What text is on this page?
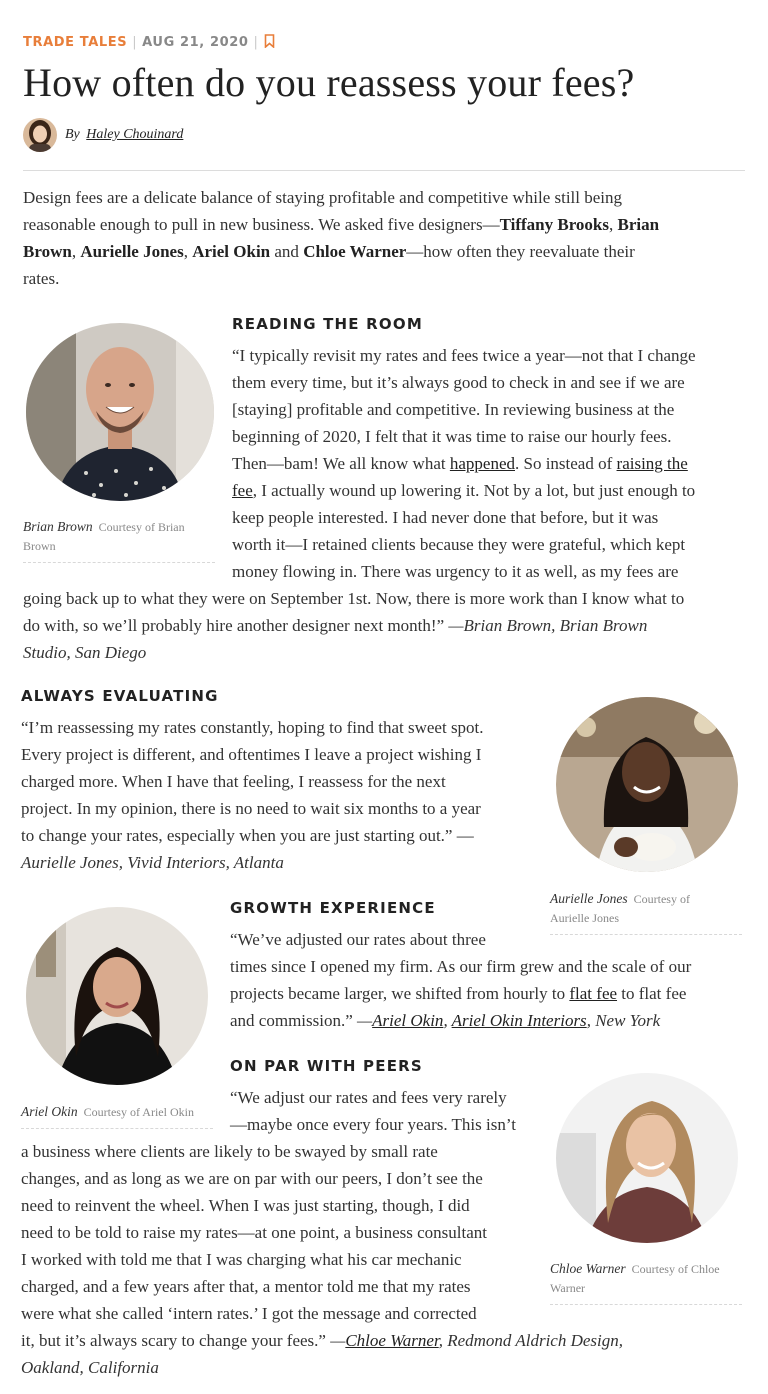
TRADE TALES | AUG 21, 2020 |
How often do you reassess your fees?
By Haley Chouinard
Design fees are a delicate balance of staying profitable and competitive while still being
reasonable enough to pull in new business. We asked five designers—Tiffany Brooks, Brian
Brown, Aurielle Jones, Ariel Okin and Chloe Warner—how often they reevaluate their
rates.
Brian Brown Courtesy of Brian
Brown
READING THE ROOM
“I typically revisit my rates and fees twice a year—not that I change
them every time, but it’s always good to check in and see if we are
[staying] profitable and competitive. In reviewing business at the
beginning of 2020, I felt that it was time to raise our hourly fees.
Then—bam! We all know what happened. So instead of raising the
fee, I actually wound up lowering it. Not by a lot, but just enough to
keep people interested. I had never done that before, but it was
worth it—I retained clients because they were grateful, which kept
money flowing in. There was urgency to it as well, as my fees are
going back up to what they were on September 1st. Now, there is more work than I know what to
do with, so we’ll probably hire another designer next month!” —Brian Brown, Brian Brown
Studio, San Diego
ALWAYS EVALUATING
“I’m reassessing my rates constantly, hoping to find that sweet spot.
Every project is different, and oftentimes I leave a project wishing I
charged more. When I have that feeling, I reassess for the next
project. In my opinion, there is no need to wait six months to a year
to change your rates, especially when you are just starting out.” —
Aurielle Jones, Vivid Interiors, Atlanta
Aurielle Jones Courtesy of
Aurielle Jones
Ariel Okin Courtesy of Ariel Okin
GROWTH EXPERIENCE
“We’ve adjusted our rates about three
times since I opened my firm. As our firm grew and the scale of our
projects became larger, we shifted from hourly to flat fee to flat fee
and commission.” —Ariel Okin, Ariel Okin Interiors, New York
ON PAR WITH PEERS
Chloe Warner Courtesy of Chloe
Warner
“We adjust our rates and fees very rarely
—maybe once every four years. This isn’t
a business where clients are likely to be swayed by small rate
changes, and as long as we are on par with our peers, I don’t see the
need to reinvent the wheel. When I was just starting, though, I did
need to be told to raise my rates—at one point, a business consultant
I worked with told me that I was charging what his car mechanic
charged, and a few years after that, a mentor told me that my rates
were what she called ‘intern rates.’ I got the message and corrected
it, but it’s always scary to change your fees.” —Chloe Warner, Redmond Aldrich Design,
Oakland, California
